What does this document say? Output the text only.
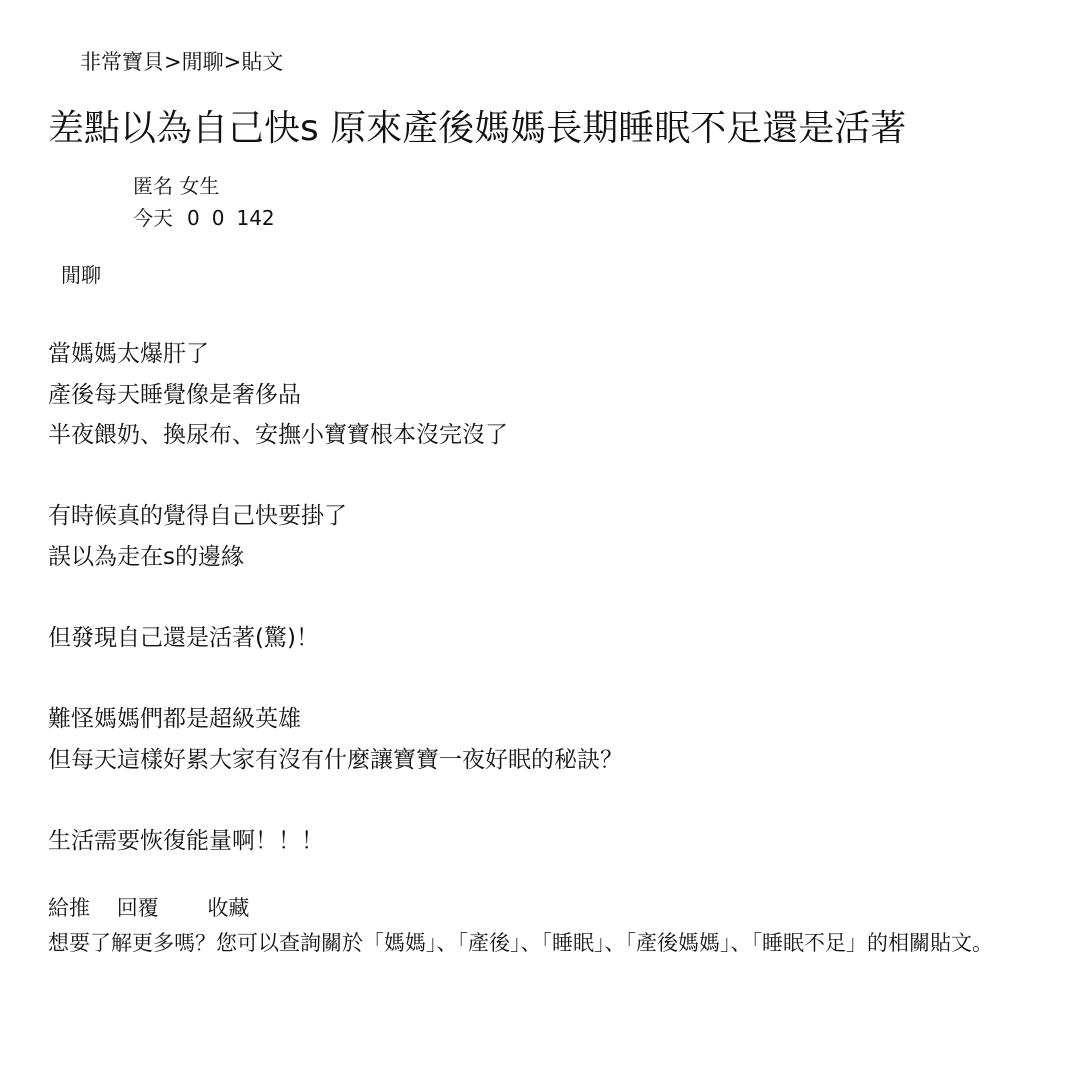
非常寶貝>閒聊>貼文
差點以為自己快s 原來產後媽媽長期睡眠不足還是活著
匿名 女生
今天 0 0 142
閒聊
當媽媽太爆肝了
產後每天睡覺像是奢侈品
半夜餵奶、換尿布、安撫小寶寶根本沒完沒了
有時候真的覺得自己快要掛了
誤以為走在s的邊緣
但發現自己還是活著(驚)！
難怪媽媽們都是超級英雄
但每天這樣好累大家有沒有什麼讓寶寶一夜好眠的秘訣？
生活需要恢復能量啊！！！
給推 回覆 收藏
想要了解更多嗎？您可以查詢關於「媽媽」、「產後」、「睡眠」、「產後媽媽」、「睡眠不足」的相關貼文。
